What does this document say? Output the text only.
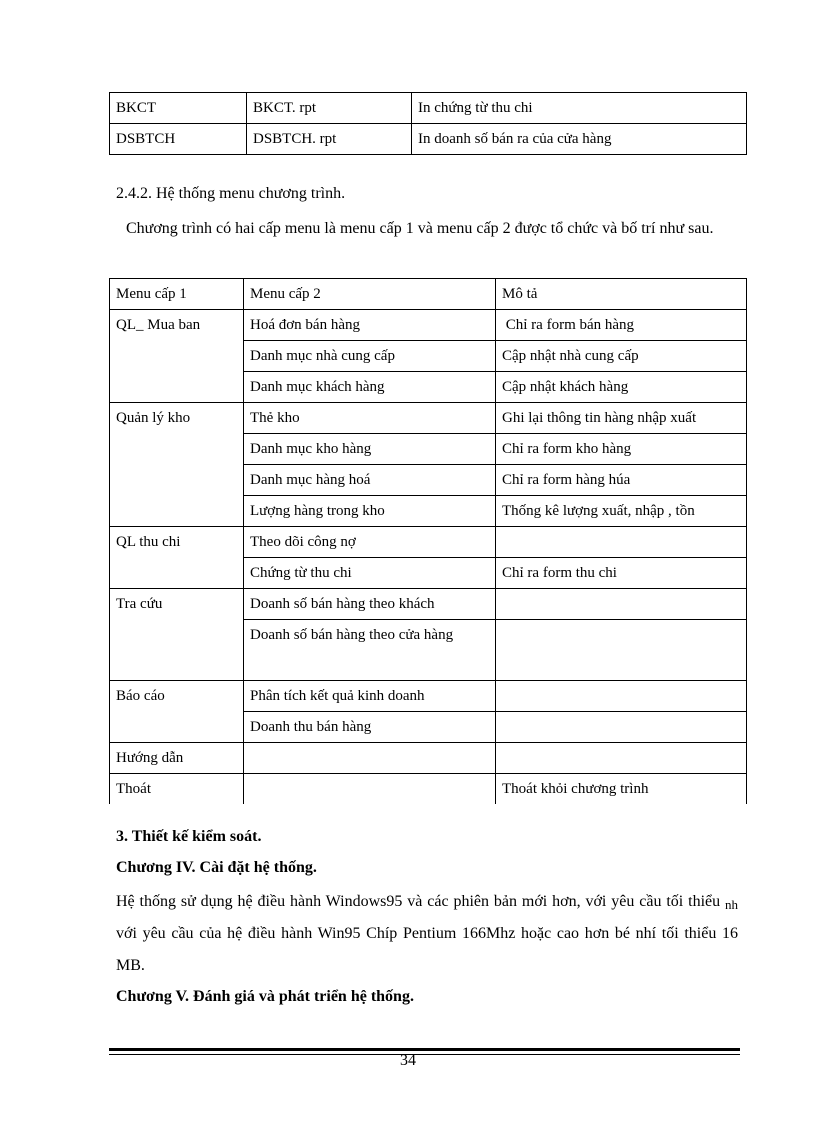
BKCT	BKCT. rpt	In chứng từ thu chi
DSBTCH	DSBTCH. rpt	In doanh số bán ra của cửa hàng
2.4.2. Hệ thống menu chương trình.
Chương trình có hai cấp menu là menu cấp 1 và menu cấp 2 được tổ chức và bố trí như sau.
Menu cấp 1	Menu cấp 2	Mô tả
QL_ Mua ban	Hoá đơn bán hàng	Chỉ ra form bán hàng
	Danh mục nhà cung cấp	Cập nhật nhà cung cấp
	Danh mục khách hàng	Cập nhật khách hàng
Quản lý kho	Thẻ kho	Ghi lại thông tin hàng nhập xuất
	Danh mục kho hàng	Chỉ ra form kho hàng
	Danh mục hàng hoá	Chỉ ra form hàng húa
	Lượng hàng trong kho	Thống kê lượng xuất, nhập , tồn
QL thu chi	Theo dõi công nợ	
	Chứng từ thu chi	Chỉ ra form thu chi
Tra cứu	Doanh số bán hàng theo khách	
	Doanh số bán hàng theo cửa hàng	
Báo cáo	Phân tích kết quả kinh doanh	
	Doanh thu bán hàng	
Hướng dẫn		
Thoát		Thoát khỏi chương trình
3. Thiết kế kiểm soát.
Chương IV. Cài đặt hệ thống.
Hệ thống sử dụng hệ điều hành Windows95 và các phiên bản mới hơn, với yêu cầu tối thiểu nh với yêu cầu của hệ điều hành Win95 Chíp Pentium 166Mhz hoặc cao hơn bé nhí tối thiểu 16 MB.
Chương V. Đánh giá và phát triển hệ thống.
34
